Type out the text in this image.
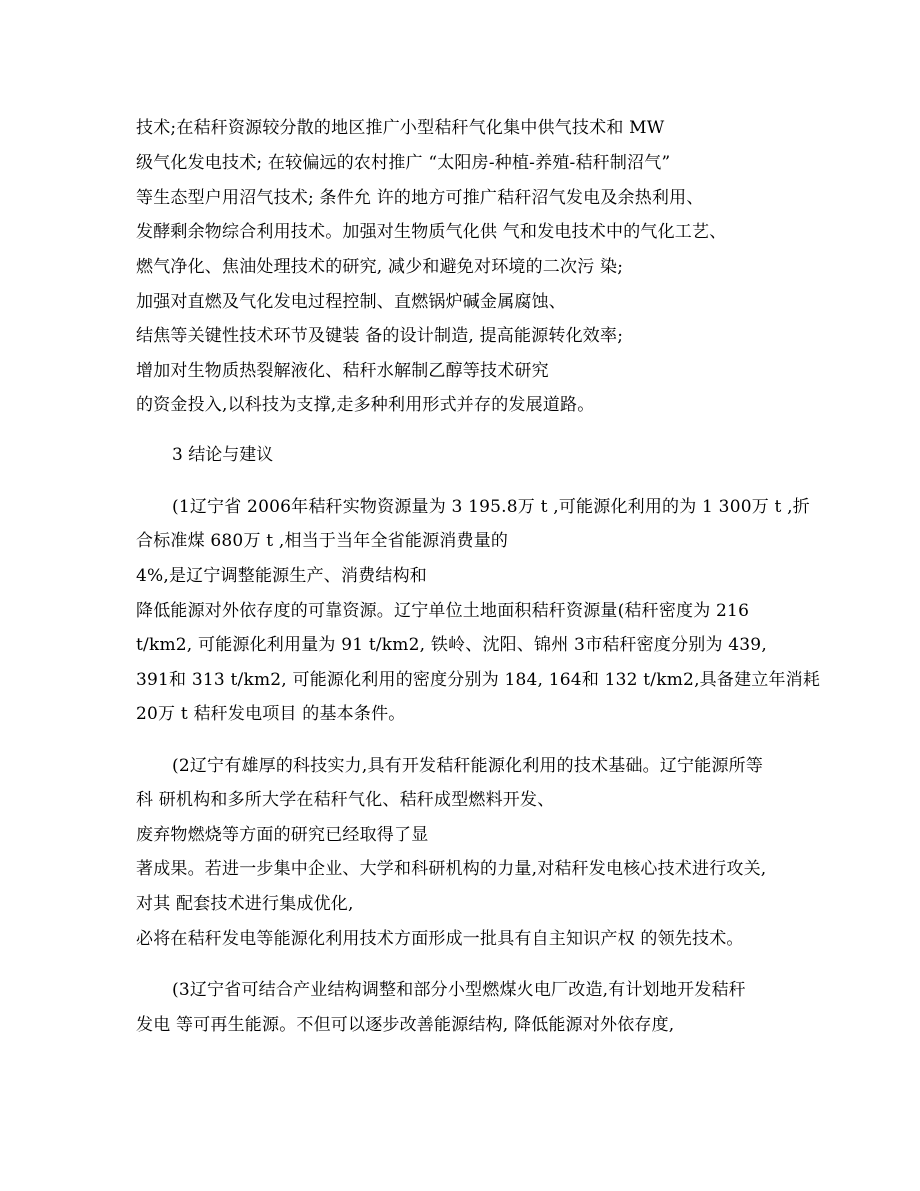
技术;在秸秆资源较分散的地区推广小型秸秆气化集中供气技术和 MW
级气化发电技术; 在较偏远的农村推广 “太阳房-种植-养殖-秸秆制沼气”
等生态型户用沼气技术; 条件允 许的地方可推广秸秆沼气发电及余热利用、
发酵剩余物综合利用技术。加强对生物质气化供 气和发电技术中的气化工艺、
燃气净化、焦油处理技术的研究, 减少和避免对环境的二次污 染;
加强对直燃及气化发电过程控制、直燃锅炉碱金属腐蚀、
结焦等关键性技术环节及键装 备的设计制造, 提高能源转化效率;
增加对生物质热裂解液化、秸秆水解制乙醇等技术研究
的资金投入,以科技为支撑,走多种利用形式并存的发展道路。
3 结论与建议
(1辽宁省 2006年秸秆实物资源量为 3 195.8万 t ,可能源化利用的为 1 300万 t ,折
合标准煤 680万 t ,相当于当年全省能源消费量的
4%,是辽宁调整能源生产、消费结构和
降低能源对外依存度的可靠资源。辽宁单位土地面积秸秆资源量(秸秆密度为 216
t/km2, 可能源化利用量为 91 t/km2, 铁岭、沈阳、锦州 3市秸秆密度分别为 439,
391和 313 t/km2, 可能源化利用的密度分别为 184, 164和 132 t/km2,具备建立年消耗
20万 t 秸秆发电项目 的基本条件。
(2辽宁有雄厚的科技实力,具有开发秸秆能源化利用的技术基础。辽宁能源所等
科 研机构和多所大学在秸秆气化、秸秆成型燃料开发、
废弃物燃烧等方面的研究已经取得了显
著成果。若进一步集中企业、大学和科研机构的力量,对秸秆发电核心技术进行攻关,
对其 配套技术进行集成优化,
必将在秸秆发电等能源化利用技术方面形成一批具有自主知识产权 的领先技术。
(3辽宁省可结合产业结构调整和部分小型燃煤火电厂改造,有计划地开发秸秆
发电 等可再生能源。不但可以逐步改善能源结构, 降低能源对外依存度,
